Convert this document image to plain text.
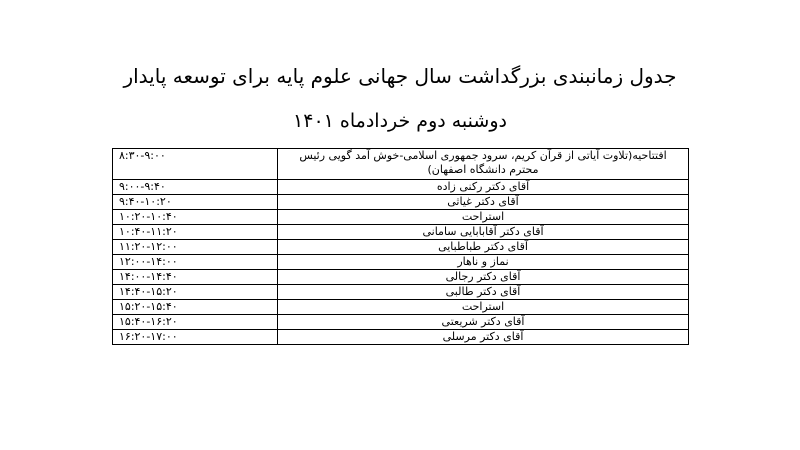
جدول زمانبندی بزرگداشت سال جهانی علوم پایه برای توسعه پایدار
دوشنبه دوم خردادماه ۱۴۰۱
۸:۳۰-۹:۰۰	افتتاحیه(تلاوت آیاتی از قرآن کریم، سرود جمهوری اسلامی-خوش آمد گویی رئیس محترم دانشگاه اصفهان)
۹:۰۰-۹:۴۰	آقای دکتر رکنی زاده
۹:۴۰-۱۰:۲۰	آقای دکتر غیاثی
۱۰:۲۰-۱۰:۴۰	استراحت
۱۰:۴۰-۱۱:۲۰	آقای دکتر آقابابایی سامانی
۱۱:۲۰-۱۲:۰۰	آقای دکتر طباطبایی
۱۲:۰۰-۱۴:۰۰	نماز و ناهار
۱۴:۰۰-۱۴:۴۰	آقای دکتر رجالی
۱۴:۴۰-۱۵:۲۰	آقای دکتر طالبی
۱۵:۲۰-۱۵:۴۰	استراحت
۱۵:۴۰-۱۶:۲۰	آقای دکتر شریعتی
۱۶:۲۰-۱۷:۰۰	آقای دکتر مرسلی
